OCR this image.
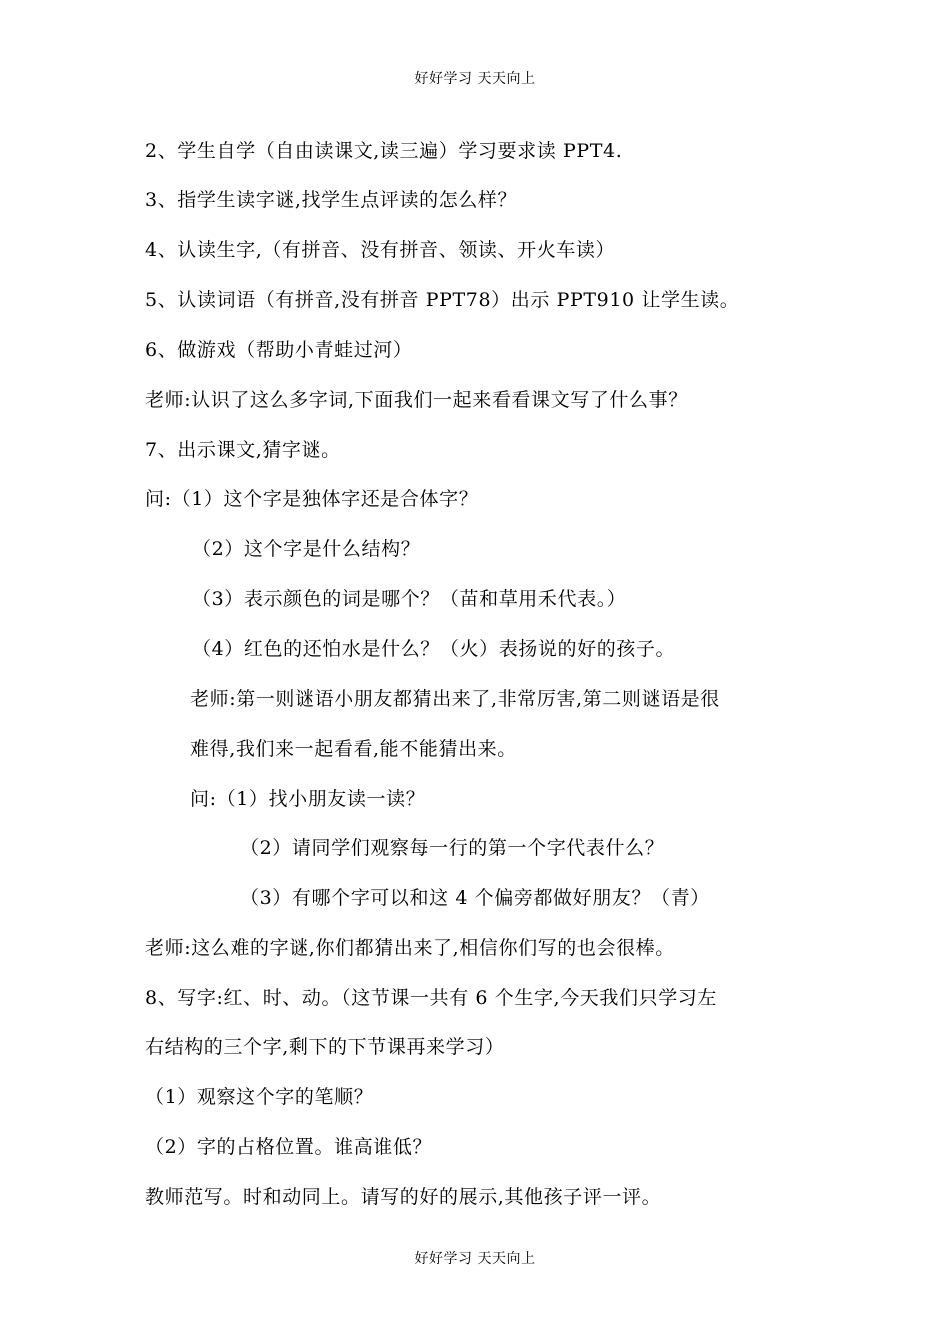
好好学习 天天向上
2、学生自学（自由读课文,读三遍）学习要求读 PPT4.
3、指学生读字谜,找学生点评读的怎么样？
4、认读生字,（有拼音、没有拼音、领读、开火车读）
5、认读词语（有拼音,没有拼音 PPT78）出示 PPT910 让学生读。
6、做游戏（帮助小青蛙过河）
老师:认识了这么多字词,下面我们一起来看看课文写了什么事？
7、出示课文,猜字谜。
问:（1）这个字是独体字还是合体字？
（2）这个字是什么结构？
（3）表示颜色的词是哪个？（苗和草用禾代表。）
（4）红色的还怕水是什么？（火）表扬说的好的孩子。
老师:第一则谜语小朋友都猜出来了,非常厉害,第二则谜语是很
难得,我们来一起看看,能不能猜出来。
问:（1）找小朋友读一读？
（2）请同学们观察每一行的第一个字代表什么？
（3）有哪个字可以和这 4 个偏旁都做好朋友？（青）
老师:这么难的字谜,你们都猜出来了,相信你们写的也会很棒。
8、写字:红、时、动。（这节课一共有 6 个生字,今天我们只学习左
右结构的三个字,剩下的下节课再来学习）
（1）观察这个字的笔顺？
（2）字的占格位置。谁高谁低？
教师范写。时和动同上。请写的好的展示,其他孩子评一评。
好好学习 天天向上
